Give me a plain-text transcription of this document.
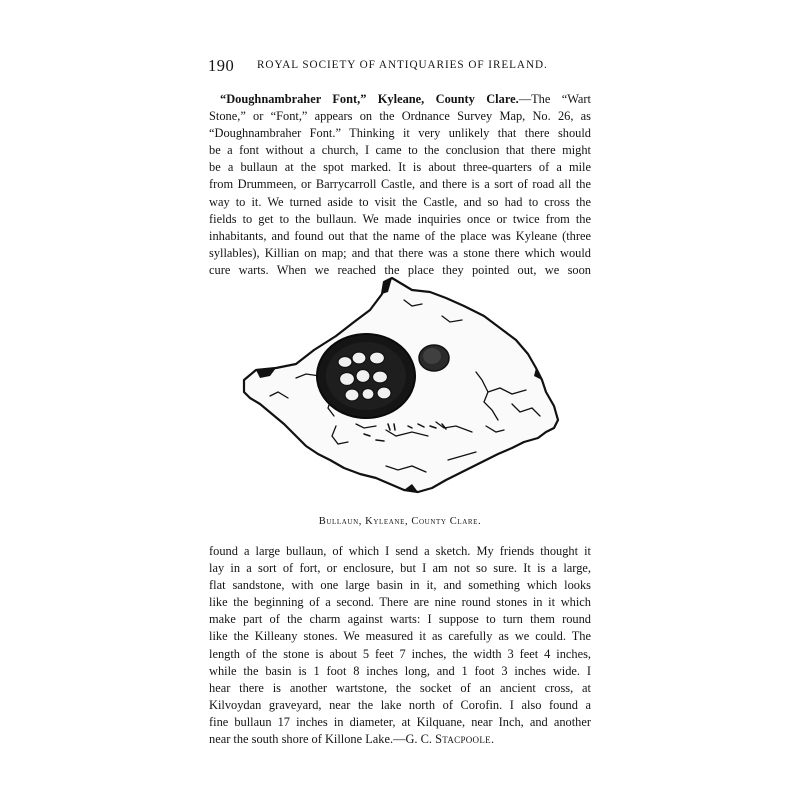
190 ROYAL SOCIETY OF ANTIQUARIES OF IRELAND.
“Doughnambraher Font,” Kyleane, County Clare.—The “Wart
Stone,” or “Font,” appears on the Ordnance Survey Map, No. 26, as
“Doughnambraher Font.” Thinking it very unlikely that there should
be a font without a church, I came to the conclusion that there might
be a bullaun at the spot marked. It is about three-quarters of a mile
from Drummeen, or Barrycarroll Castle, and there is a sort of road all the
way to it. We turned aside to visit the Castle, and so had to cross the
fields to get to the bullaun. We made inquiries once or twice from the
inhabitants, and found out that the name of the place was Kyleane (three
syllables), Killian on map; and that there was a stone there which would
cure warts. When we reached the place they pointed out, we soon
Bullaun, Kyleane, County Clare.
found a large bullaun, of which I send a sketch. My friends thought it
lay in a sort of fort, or enclosure, but I am not so sure. It is a large,
flat sandstone, with one large basin in it, and something which looks
like the beginning of a second. There are nine round stones in it which
make part of the charm against warts: I suppose to turn them round
like the Killeany stones. We measured it as carefully as we could. The
length of the stone is about 5 feet 7 inches, the width 3 feet 4 inches,
while the basin is 1 foot 8 inches long, and 1 foot 3 inches wide. I
hear there is another wartstone, the socket of an ancient cross, at
Kilvoydan graveyard, near the lake north of Corofin. I also found a
fine bullaun 17 inches in diameter, at Kilquane, near Inch, and another
near the south shore of Killone Lake.—G. C. Stacpoole.
